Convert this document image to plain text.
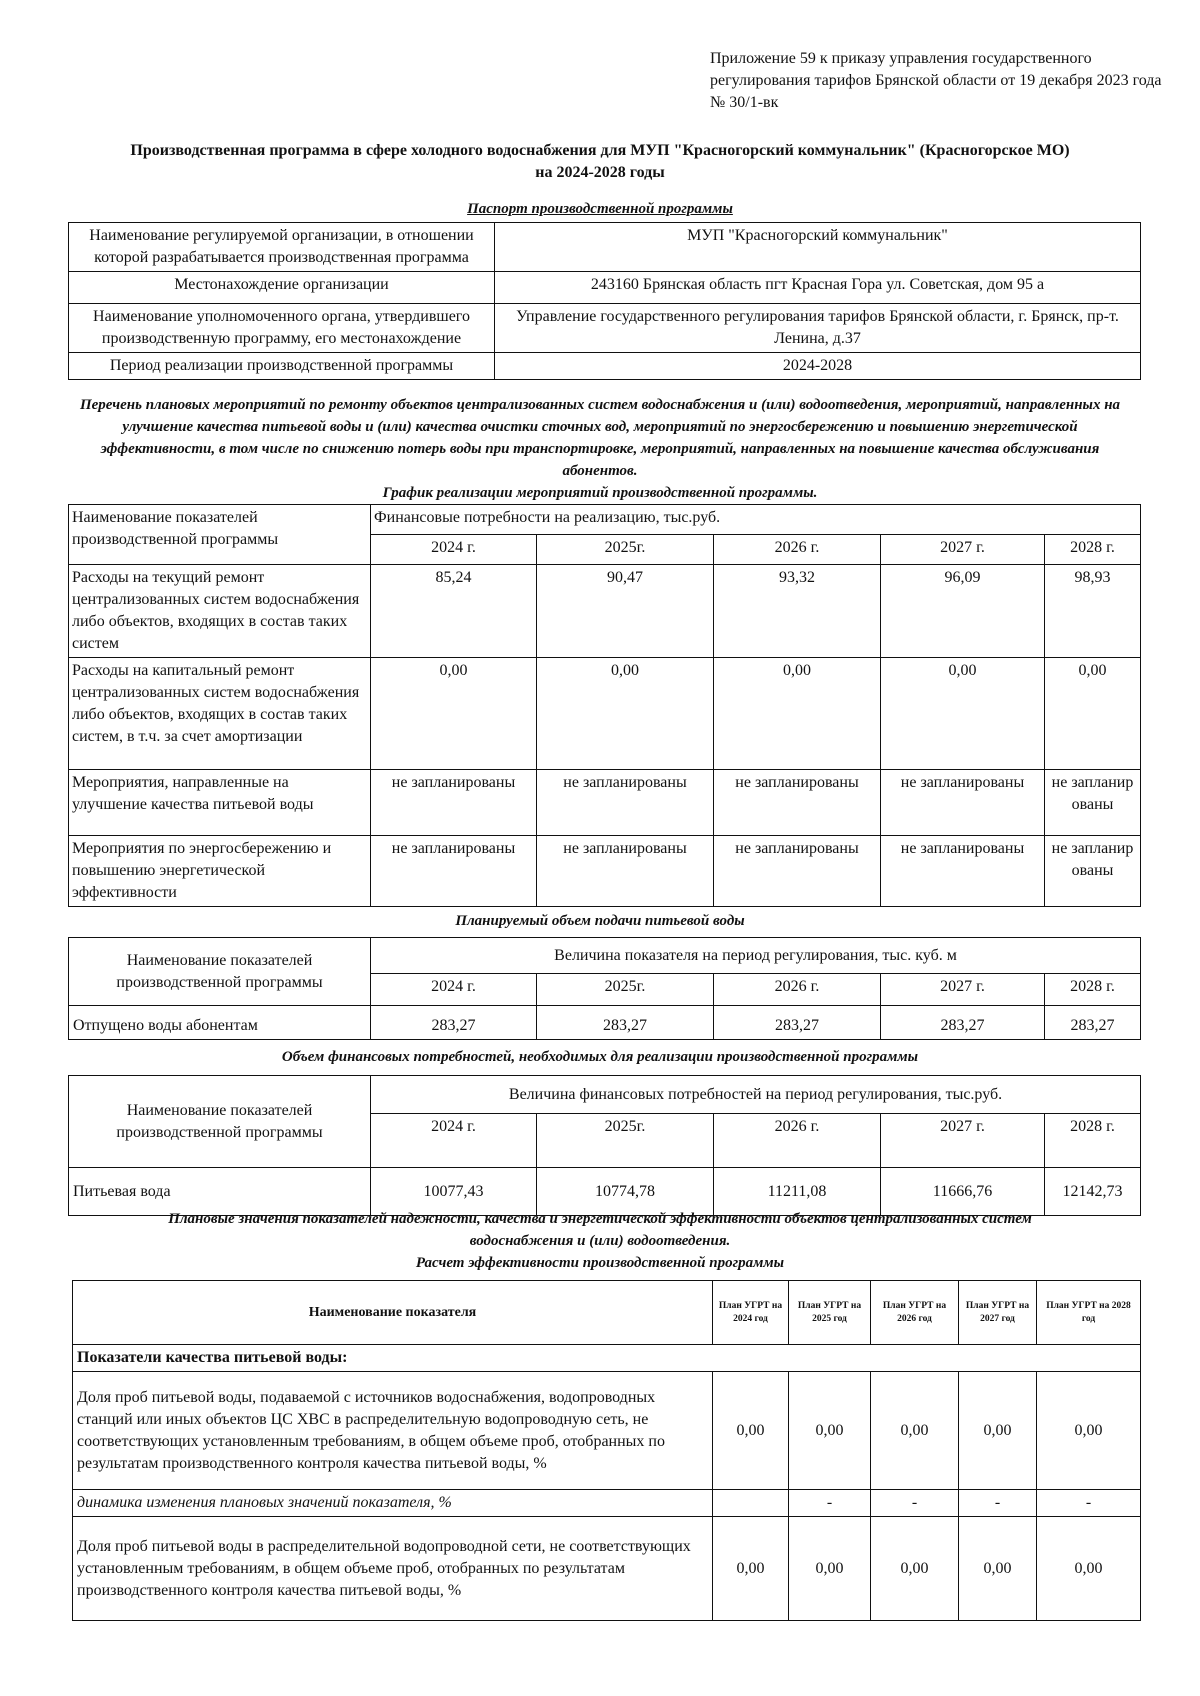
Приложение 59 к приказу управления государственного регулирования тарифов Брянской области от 19 декабря 2023 года № 30/1-вк
Производственная программа в сфере холодного водоснабжения для МУП "Красногорский коммунальник" (Красногорское МО)
на 2024-2028 годы
Паспорт производственной программы
Наименование регулируемой организации, в отношении которой разрабатывается производственная программа	МУП "Красногорский коммунальник"
Местонахождение организации	243160 Брянская область пгт Красная Гора ул. Советская, дом 95 а
Наименование уполномоченного органа, утвердившего производственную программу, его местонахождение	Управление государственного регулирования тарифов Брянской области, г. Брянск, пр-т. Ленина, д.37
Период реализации производственной программы	2024-2028
Перечень плановых мероприятий по ремонту объектов централизованных систем водоснабжения и (или) водоотведения, мероприятий, направленных на улучшение качества питьевой воды и (или) качества очистки сточных вод, мероприятий по энергосбережению и повышению энергетической эффективности, в том числе по снижению потерь воды при транспортировке, мероприятий, направленных на повышение качества обслуживания абонентов.
График реализации мероприятий производственной программы.
Наименование показателей производственной программы	Финансовые потребности на реализацию, тыс.руб.				
	2024 г.	2025г.	2026 г.	2027 г.	2028 г.
Расходы на текущий ремонт централизованных систем водоснабжения либо объектов, входящих в состав таких систем	85,24	90,47	93,32	96,09	98,93
Расходы на капитальный ремонт централизованных систем водоснабжения либо объектов, входящих в состав таких систем, в т.ч. за счет амортизации	0,00	0,00	0,00	0,00	0,00
Мероприятия, направленные на улучшение качества питьевой воды	не запланированы	не запланированы	не запланированы	не запланированы	не запланированы
Мероприятия по энергосбережению и повышению энергетической эффективности	не запланированы	не запланированы	не запланированы	не запланированы	не запланированы
Планируемый объем подачи питьевой воды
Наименование показателей производственной программы	Величина показателя на период регулирования, тыс. куб. м				
	2024 г.	2025г.	2026 г.	2027 г.	2028 г.
Отпущено воды абонентам	283,27	283,27	283,27	283,27	283,27
Объем финансовых потребностей, необходимых для реализации производственной программы
Наименование показателей производственной программы	Величина финансовых потребностей на период регулирования, тыс.руб.				
	2024 г.	2025г.	2026 г.	2027 г.	2028 г.
Питьевая вода	10077,43	10774,78	11211,08	11666,76	12142,73
Плановые значения показателей надежности, качества и энергетической эффективности объектов централизованных систем
водоснабжения и (или) водоотведения.
Расчет эффективности производственной программы
Наименование показателя	План УГРТ на 2024 год	План УГРТ на 2025 год	План УГРТ на 2026 год	План УГРТ на 2027 год	План УГРТ на 2028 год
Показатели качества питьевой воды:					
Доля проб питьевой воды, подаваемой с источников водоснабжения, водопроводных станций или иных объектов ЦС ХВС в распределительную водопроводную сеть, не соответствующих установленным требованиям, в общем объеме проб, отобранных по результатам производственного контроля качества питьевой воды, %	0,00	0,00	0,00	0,00	0,00
динамика изменения плановых значений показателя, %		-	-	-	-
Доля проб питьевой воды в распределительной водопроводной сети, не соответствующих установленным требованиям, в общем объеме проб, отобранных по результатам производственного контроля качества питьевой воды, %	0,00	0,00	0,00	0,00	0,00
